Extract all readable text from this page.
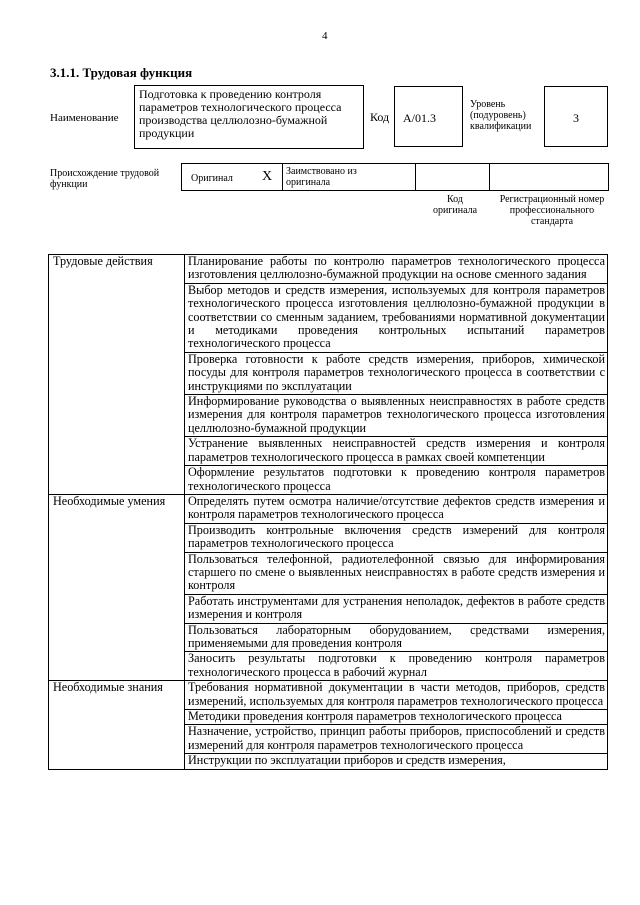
4
3.1.1. Трудовая функция
Наименование
Подготовка к проведению контроля параметров технологического процесса производства целлюлозно-бумажной продукции
Код	А/01.3
Уровень (подуровень) квалификации
3
Происхождение трудовой функции
Оригинал X Заимствовано из оригинала
Код оригинала
Регистрационный номер профессионального стандарта
Трудовые действия	Планирование работы по контролю параметров технологического процесса изготовления целлюлозно-бумажной продукции на основе сменного задания
	Выбор методов и средств измерения, используемых для контроля параметров технологического процесса изготовления целлюлозно-бумажной продукции в соответствии со сменным заданием, требованиями нормативной документации и методиками проведения контрольных испытаний параметров технологического процесса
	Проверка готовности к работе средств измерения, приборов, химической посуды для контроля параметров технологического процесса в соответствии с инструкциями по эксплуатации
	Информирование руководства о выявленных неисправностях в работе средств измерения для контроля параметров технологического процесса изготовления целлюлозно-бумажной продукции
	Устранение выявленных неисправностей средств измерения и контроля параметров технологического процесса в рамках своей компетенции
	Оформление результатов подготовки к проведению контроля параметров технологического процесса
Необходимые умения	Определять путем осмотра наличие/отсутствие дефектов средств измерения и контроля параметров технологического процесса
	Производить контрольные включения средств измерений для контроля параметров технологического процесса
	Пользоваться телефонной, радиотелефонной связью для информирования старшего по смене о выявленных неисправностях в работе средств измерения и контроля
	Работать инструментами для устранения неполадок, дефектов в работе средств измерения и контроля
	Пользоваться лабораторным оборудованием, средствами измерения, применяемыми для проведения контроля
	Заносить результаты подготовки к проведению контроля параметров технологического процесса в рабочий журнал
Необходимые знания	Требования нормативной документации в части методов, приборов, средств измерений, используемых для контроля параметров технологического процесса
	Методики проведения контроля параметров технологического процесса
	Назначение, устройство, принцип работы приборов, приспособлений и средств измерений для контроля параметров технологического процесса
	Инструкции по эксплуатации приборов и средств измерения,
